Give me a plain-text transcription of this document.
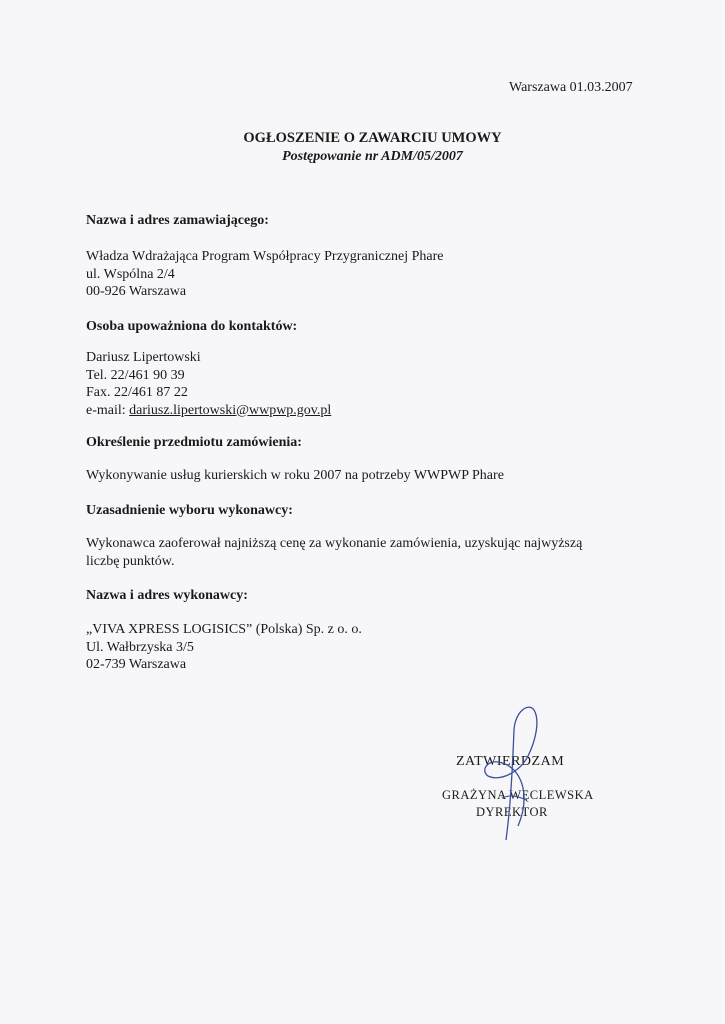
Warszawa 01.03.2007
OGŁOSZENIE O ZAWARCIU UMOWY
Postępowanie nr ADM/05/2007
Nazwa i adres zamawiającego:
Władza Wdrażająca Program Współpracy Przygranicznej Phare
ul. Wspólna 2/4
00-926 Warszawa
Osoba upoważniona do kontaktów:
Dariusz Lipertowski
Tel. 22/461 90 39
Fax. 22/461 87 22
e-mail: dariusz.lipertowski@wwpwp.gov.pl
Określenie przedmiotu zamówienia:
Wykonywanie usług kurierskich w roku 2007 na potrzeby WWPWP Phare
Uzasadnienie wyboru wykonawcy:
Wykonawca zaoferował najniższą cenę za wykonanie zamówienia, uzyskując najwyższą
liczbę punktów.
Nazwa i adres wykonawcy:
„VIVA XPRESS LOGISICS” (Polska) Sp. z o. o.
Ul. Wałbrzyska 3/5
02-739 Warszawa
ZATWIERDZAM
GRAŻYNA WĘCLEWSKA
DYREKTOR
